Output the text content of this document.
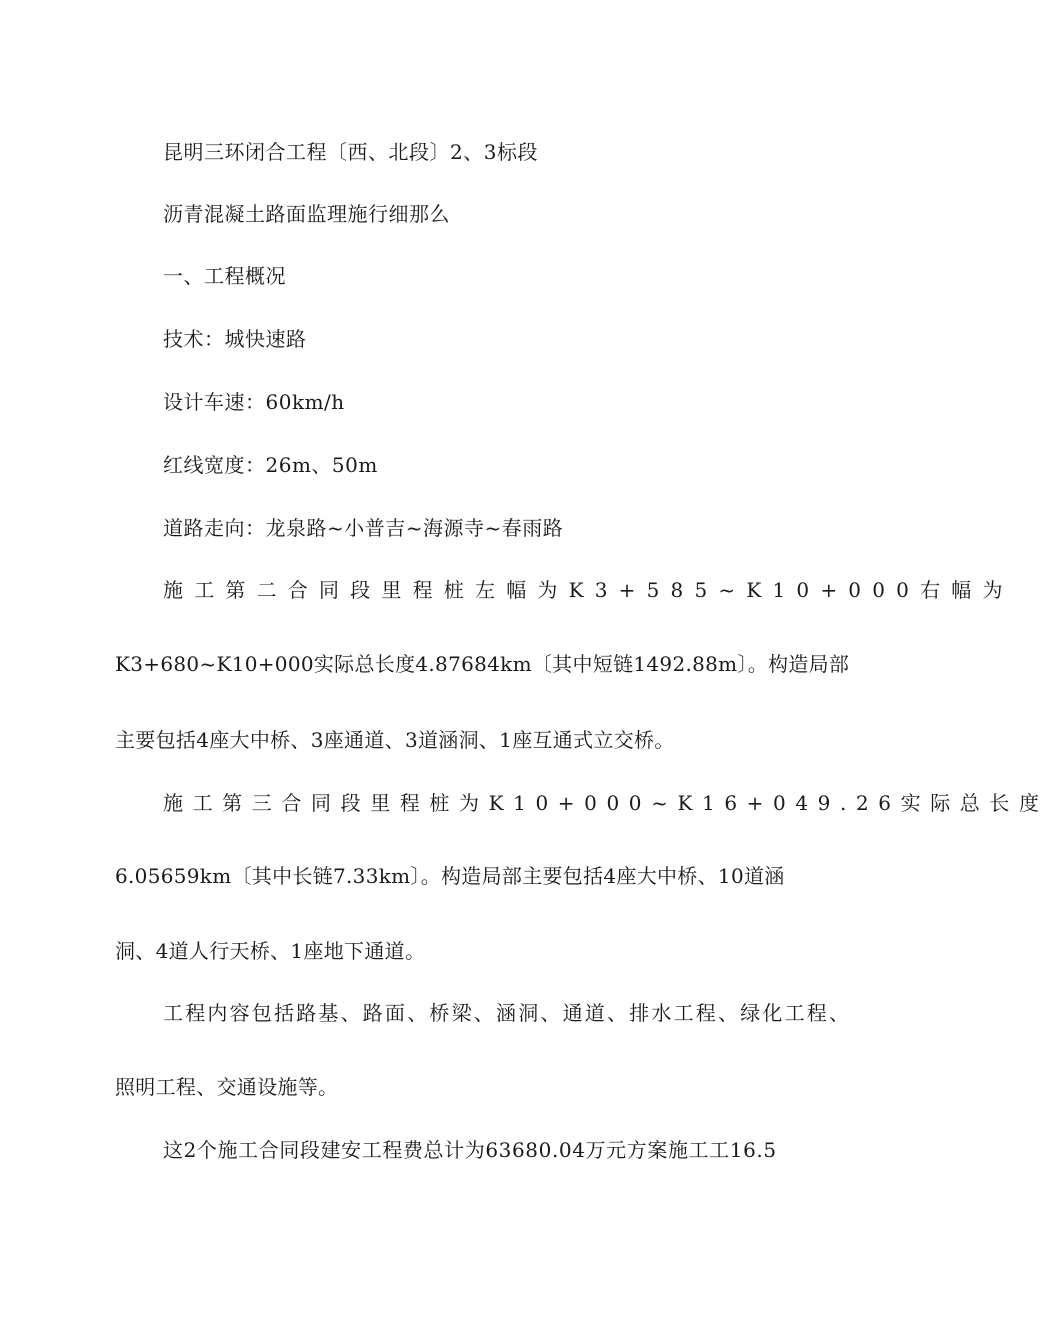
昆明三环闭合工程〔西、北段〕2、3标段
沥青混凝土路面监理施行细那么
一、工程概况
技术：城快速路
设计车速：60km/h
红线宽度：26m、50m
道路走向：龙泉路~小普吉~海源寺~春雨路
施工第二合同段里程桩左幅为K3+585~K10+000右幅为
K3+680~K10+000实际总长度4.87684km〔其中短链1492.88m〕。构造局部
主要包括4座大中桥、3座通道、3道涵洞、1座互通式立交桥。
施工第三合同段里程桩为K10+000~K16+049.26实际总长度
6.05659km〔其中长链7.33km〕。构造局部主要包括4座大中桥、10道涵
洞、4道人行天桥、1座地下通道。
工程内容包括路基、路面、桥梁、涵洞、通道、排水工程、绿化工程、
照明工程、交通设施等。
这2个施工合同段建安工程费总计为63680.04万元方案施工工16.5
